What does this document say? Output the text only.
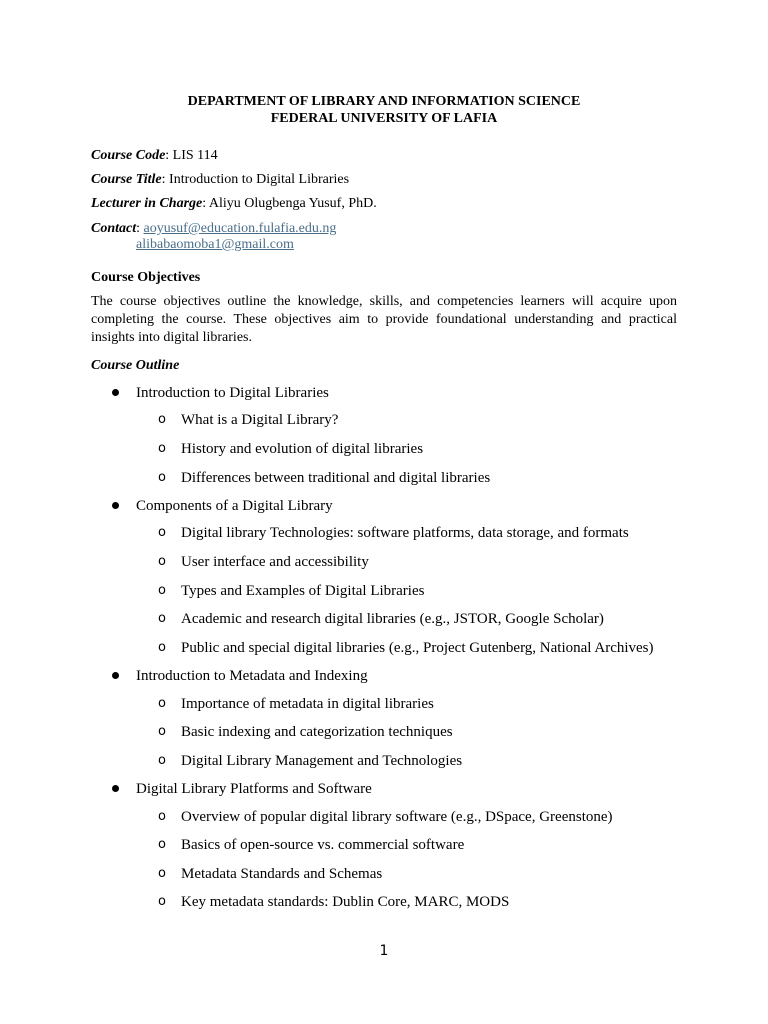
DEPARTMENT OF LIBRARY AND INFORMATION SCIENCE
FEDERAL UNIVERSITY OF LAFIA
Course Code: LIS 114
Course Title: Introduction to Digital Libraries
Lecturer in Charge: Aliyu Olugbenga Yusuf, PhD.
Contact: aoyusuf@education.fulafia.edu.ng
alibabaomoba1@gmail.com
Course Objectives
The course objectives outline the knowledge, skills, and competencies learners will acquire upon completing the course. These objectives aim to provide foundational understanding and practical insights into digital libraries.
Course Outline
Introduction to Digital Libraries
o What is a Digital Library?
o History and evolution of digital libraries
o Differences between traditional and digital libraries
Components of a Digital Library
o Digital library Technologies: software platforms, data storage, and formats
o User interface and accessibility
o Types and Examples of Digital Libraries
o Academic and research digital libraries (e.g., JSTOR, Google Scholar)
o Public and special digital libraries (e.g., Project Gutenberg, National Archives)
Introduction to Metadata and Indexing
o Importance of metadata in digital libraries
o Basic indexing and categorization techniques
o Digital Library Management and Technologies
Digital Library Platforms and Software
o Overview of popular digital library software (e.g., DSpace, Greenstone)
o Basics of open-source vs. commercial software
o Metadata Standards and Schemas
o Key metadata standards: Dublin Core, MARC, MODS
1
